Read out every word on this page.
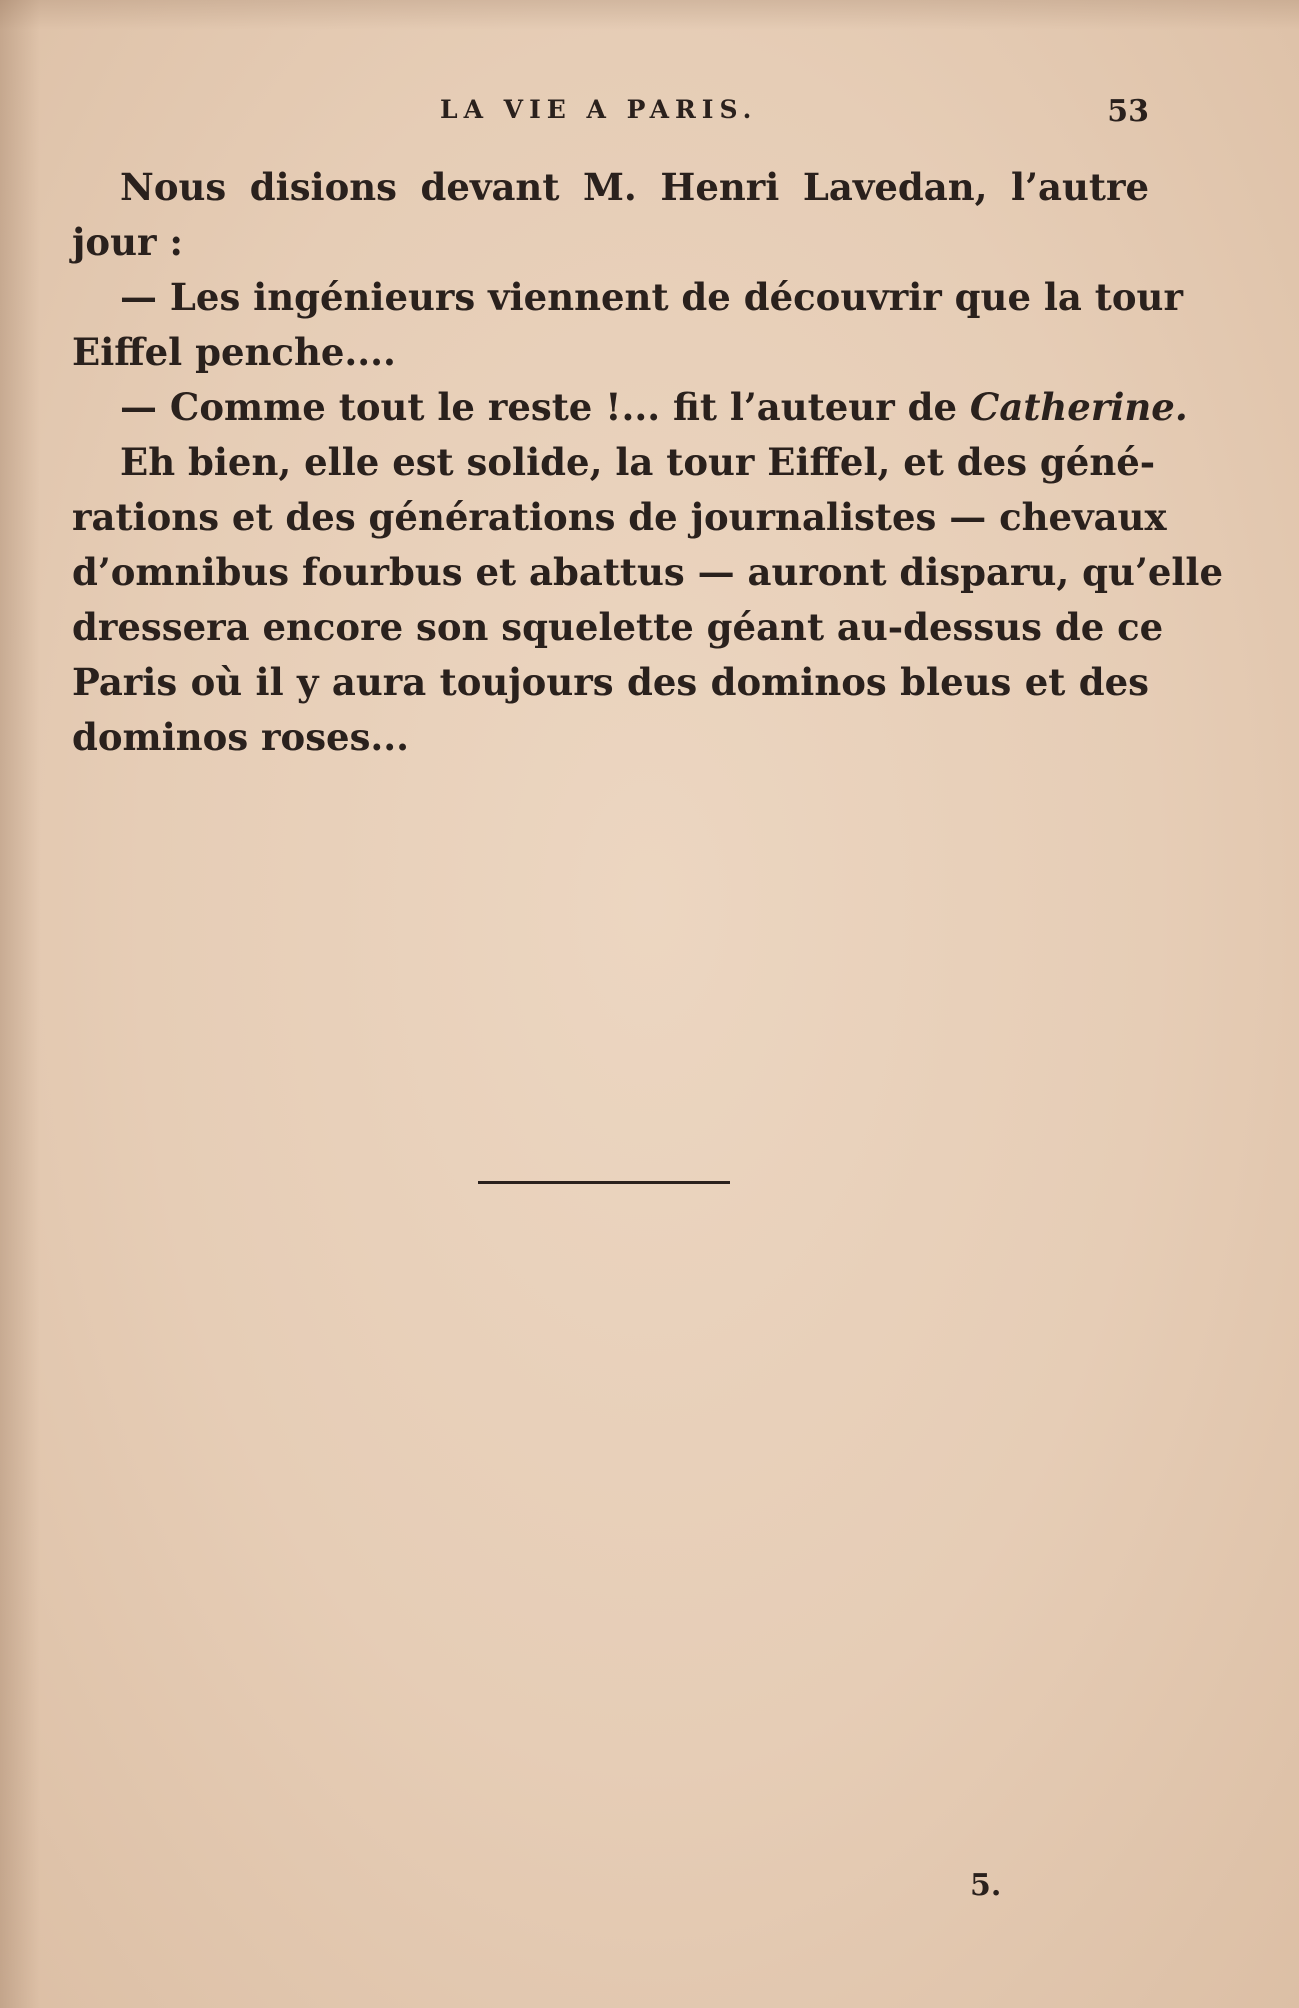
LA VIE A PARIS.	53
Nous disions devant M. Henri Lavedan, l’autre
jour :
— Les ingénieurs viennent de découvrir que la tour
Eiffel penche....
— Comme tout le reste !... fit l’auteur de Catherine.
Eh bien, elle est solide, la tour Eiffel, et des géné-
rations et des générations de journalistes — chevaux
d’omnibus fourbus et abattus — auront disparu, qu’elle
dressera encore son squelette géant au-dessus de ce
Paris où il y aura toujours des dominos bleus et des
dominos roses...
5.
